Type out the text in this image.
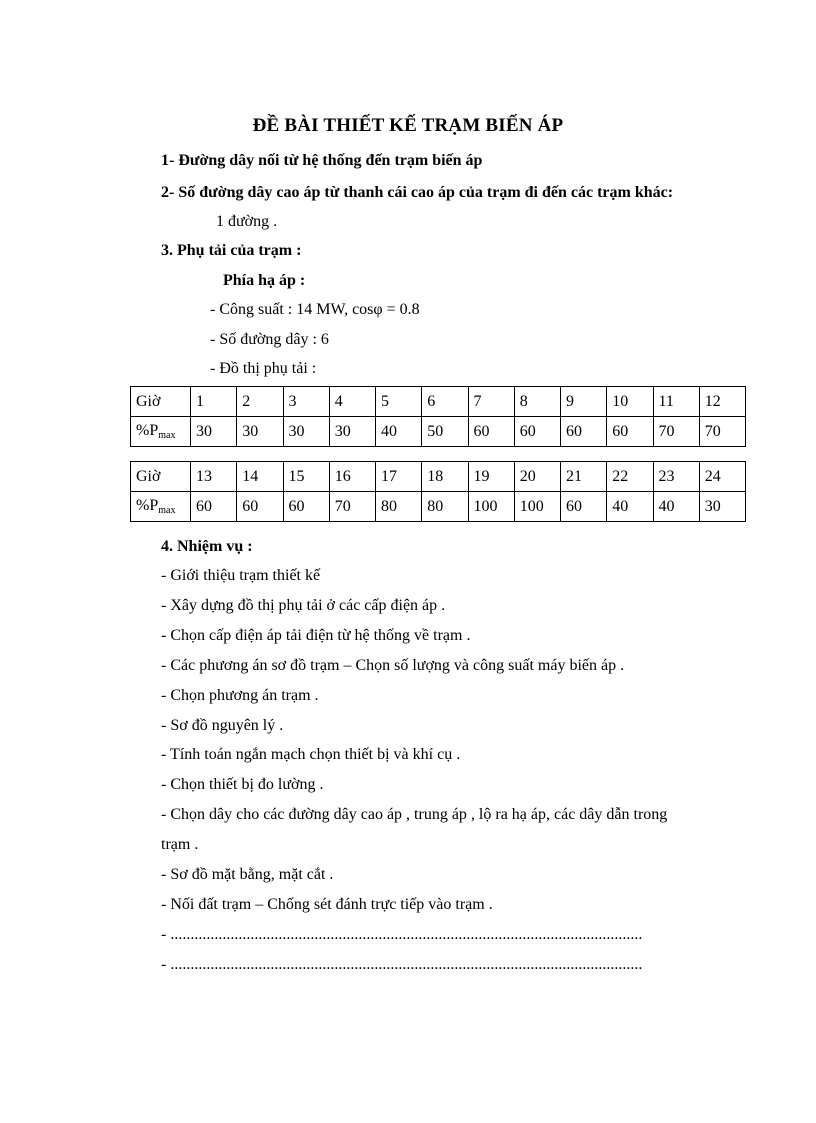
ĐỀ BÀI THIẾT KẾ TRẠM BIẾN ÁP
1- Đường dây nối từ hệ thống đến trạm biến áp
2- Số đường dây cao áp từ thanh cái cao áp của trạm đi đến các trạm khác:
1 đường .
3. Phụ tải của trạm :
Phía hạ áp :
- Công suất : 14 MW, cosφ = 0.8
- Số đường dây : 6
- Đồ thị phụ tải :
Giờ	1	2	3	4	5	6	7	8	9	10	11	12
$\%P_{max}$	30	30	30	30	40	50	60	60	60	60	70	70
Giờ	13	14	15	16	17	18	19	20	21	22	23	24
$\%P_{max}$	60	60	60	70	80	80	100	100	60	40	40	30
4. Nhiệm vụ :
- Giới thiệu trạm thiết kế
- Xây dựng đồ thị phụ tải ở các cấp điện áp .
- Chọn cấp điện áp tải điện từ hệ thống về trạm .
- Các phương án sơ đồ trạm – Chọn số lượng và công suất máy biến áp .
- Chọn phương án trạm .
- Sơ đồ nguyên lý .
- Tính toán ngắn mạch chọn thiết bị và khí cụ .
- Chọn thiết bị đo lường .
- Chọn dây cho các đường dây cao áp , trung áp , lộ ra hạ áp, các dây dẫn trong
trạm .
- Sơ đồ mặt bằng, mặt cắt .
- Nối đất trạm – Chống sét đánh trực tiếp vào trạm .
- ......................................................................................................................
- ......................................................................................................................
